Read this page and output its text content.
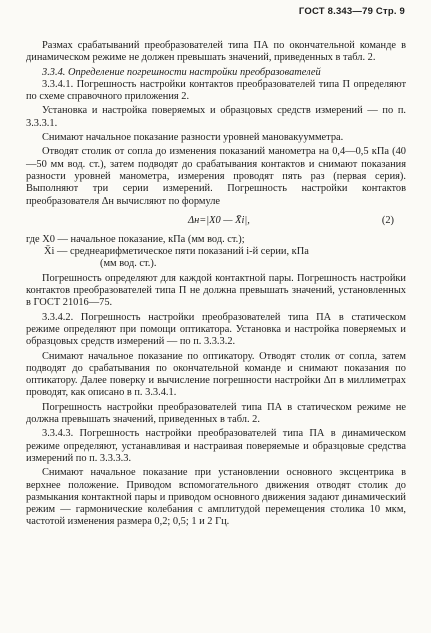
ГОСТ 8.343—79 Стр. 9

Размах срабатываний преобразователей типа ПА по окончательной команде в динамическом режиме не должен превышать значений, приведенных в табл. 2.

3.3.4. Определение погрешности настройки преобразователей

3.3.4.1. Погрешность настройки контактов преобразователей типа П определяют по схеме справочного приложения 2.

Установка и настройка поверяемых и образцовых средств измерений — по п. 3.3.3.1.

Снимают начальное показание разности уровней мановакуумметра.

Отводят столик от сопла до изменения показаний манометра на 0,4—0,5 кПа (40—50 мм вод. ст.), затем подводят до срабатывания контактов и снимают показания разности уровней манометра, измерения проводят пять раз (первая серия). Выполняют три серии измерений. Погрешность настройки контактов преобразователя Δн вычисляют по формуле

Δн=|X0 — X̄i|,	(2)
где X0 — начальное показание, кПа (мм вод. ст.);
X̄i — среднеарифметическое пяти показаний i-й серии, кПа
(мм вод. ст.).

Погрешность определяют для каждой контактной пары. Погрешность настройки контактов преобразователей типа П не должна превышать значений, установленных в ГОСТ 21016—75.

3.3.4.2. Погрешность настройки преобразователей типа ПА в статическом режиме определяют при помощи оптикатора. Установка и настройка поверяемых и образцовых средств измерений — по п. 3.3.3.2.

Снимают начальное показание по оптикатору. Отводят столик от сопла, затем подводят до срабатывания по окончательной команде и снимают показания по оптикатору. Далее поверку и вычисление погрешности настройки Δп в миллиметрах проводят, как описано в п. 3.3.4.1.

Погрешность настройки преобразователей типа ПА в статическом режиме не должна превышать значений, приведенных в табл. 2.

3.3.4.3. Погрешность настройки преобразователей типа ПА в динамическом режиме определяют, устанавливая и настраивая поверяемые и образцовые средства измерений по п. 3.3.3.3.

Снимают начальное показание при установлении основного эксцентрика в верхнее положение. Приводом вспомогательного движения отводят столик до размыкания контактной пары и приводом основного движения задают динамический режим — гармонические колебания с амплитудой перемещения столика 10 мкм, частотой изменения размера 0,2; 0,5; 1 и 2 Гц.
